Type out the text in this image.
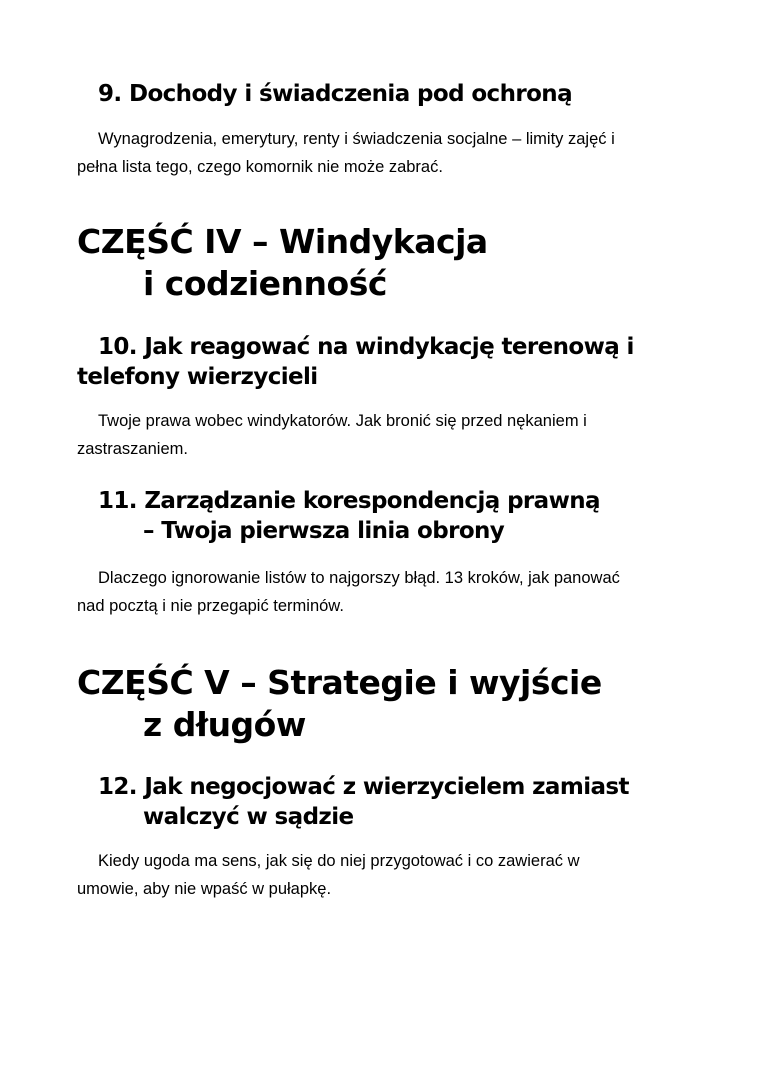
9. Dochody i świadczenia pod ochroną

Wynagrodzenia, emerytury, renty i świadczenia socjalne – limity zajęć i
pełna lista tego, czego komornik nie może zabrać.

CZĘŚĆ IV – Windykacja
i codzienność
10. Jak reagować na windykację terenową i
telefony wierzycieli

Twoje prawa wobec windykatorów. Jak bronić się przed nękaniem i
zastraszaniem.

11. Zarządzanie korespondencją prawną
– Twoja pierwsza linia obrony

Dlaczego ignorowanie listów to najgorszy błąd. 13 kroków, jak panować
nad pocztą i nie przegapić terminów.

CZĘŚĆ V – Strategie i wyjście
z długów
12. Jak negocjować z wierzycielem zamiast
walczyć w sądzie

Kiedy ugoda ma sens, jak się do niej przygotować i co zawierać w
umowie, aby nie wpaść w pułapkę.
